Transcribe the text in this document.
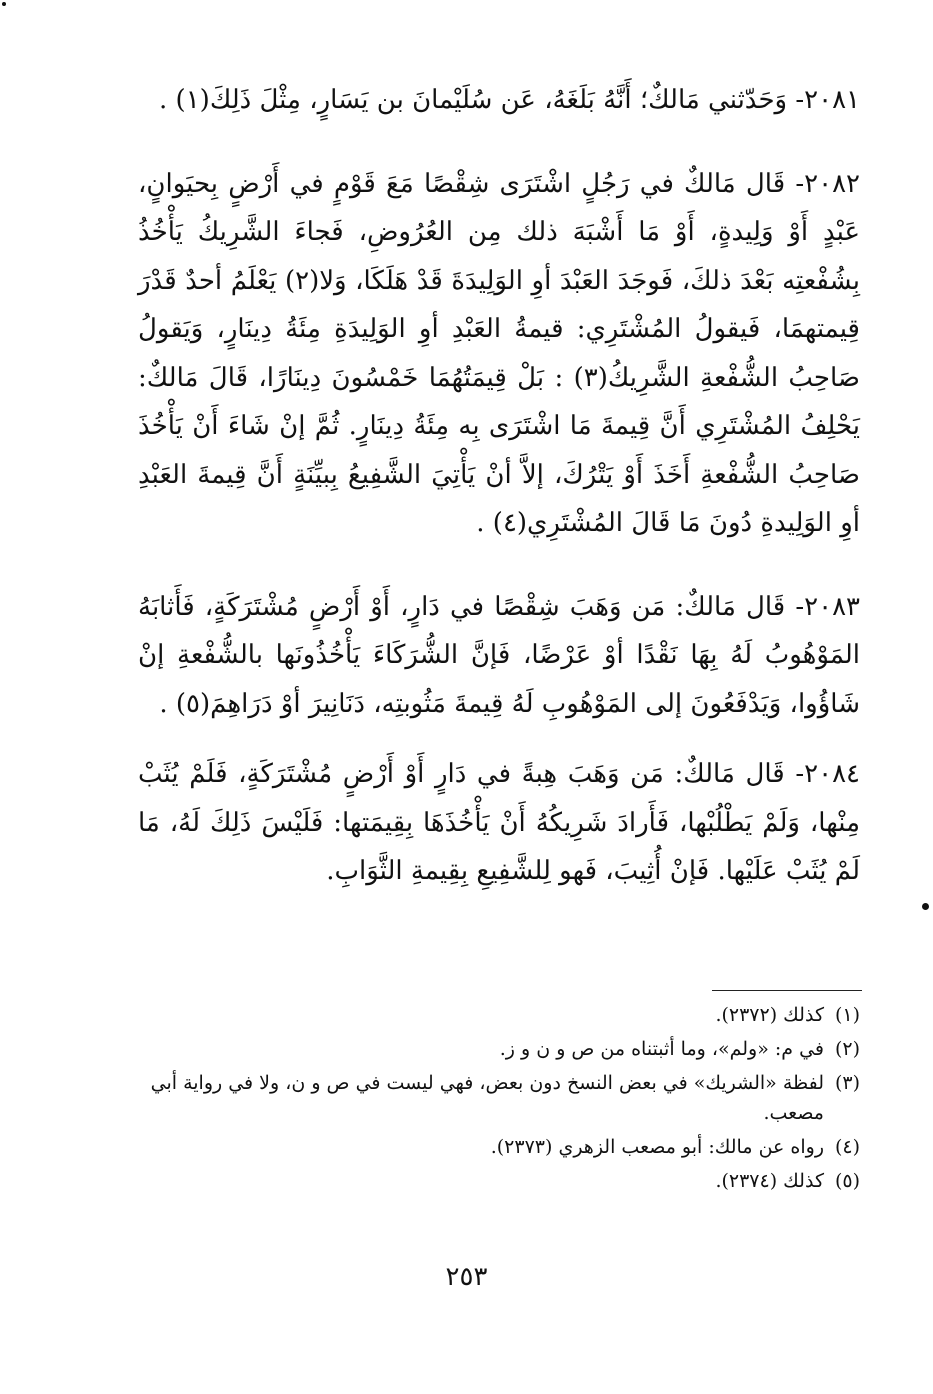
٢٠٨١- وَحَدّثني مَالكٌ؛ أَنَّهُ بَلَغَهُ، عَن سُلَيْمانَ بن يَسَارٍ، مِثْلَ ذَلِكَ(١) .

٢٠٨٢- قَال مَالكٌ في رَجُلٍ اشْتَرَى شِقْصًا مَعَ قَوْمٍ في أَرْضٍ بِحيَوانٍ، عَبْدٍ أَوْ وَلِيدةٍ، أَوْ مَا أَشْبَهَ ذلك مِن العُرُوضِ، فَجاءَ الشَّرِيكُ يَأْخُذُ بِشُفْعتِه بَعْدَ ذلكَ، فَوجَدَ العَبْدَ أوِ الوَلِيدَةَ قَدْ هَلَكَا، وَلا(٢) يَعْلَمُ أحدٌ قَدْرَ قِيمتهمَا، فَيقولُ المُشْتَرِي: قيمةُ العَبْدِ أوِ الوَلِيدَةِ مِئَةُ دِينَارٍ، وَيَقولُ صَاحِبُ الشُّفْعةِ الشَّرِيكُ(٣) : بَلْ قِيمَتُهُمَا خَمْسُونَ دِينَارًا، قَالَ مَالكٌ: يَحْلِفُ المُشْتَرِي أَنَّ قِيمةَ مَا اشْتَرَى بِه مِئَةُ دِينَارٍ. ثُمَّ إنْ شَاءَ أَنْ يَأْخُذَ صَاحِبُ الشُّفْعةِ أَخَذَ أَوْ يَتْرُكَ، إلاَّ أنْ يَأْتِيَ الشَّفِيعُ بِبيِّنَةٍ أَنَّ قِيمةَ العَبْدِ أوِ الوَلِيدةِ دُونَ مَا قَالَ المُشْتَرِي(٤) .

٢٠٨٣- قَال مَالكٌ: مَن وَهَبَ شِقْصًا في دَارٍ، أَوْ أَرْضٍ مُشْتَرَكَةٍ، فَأَثابَهُ المَوْهُوبُ لَهُ بِهَا نَقْدًا أوْ عَرْضًا، فَإنَّ الشُّرَكَاءَ يَأْخُذُونَها بالشُّفْعةِ إنْ شَاؤُوا، وَيَدْفَعُونَ إلى المَوْهُوبِ لَهُ قِيمةَ مَثُوبتِه، دَنَانِيرَ أوْ دَرَاهِمَ(٥) .

٢٠٨٤- قَال مَالكٌ: مَن وَهَبَ هِبةً في دَارٍ أَوْ أَرْضٍ مُشْتَرَكَةٍ، فَلَمْ يُثَبْ مِنْها، وَلَمْ يَطْلُبْها، فَأَرادَ شَرِيكُهُ أَنْ يَأْخُذَهَا بِقِيمَتها: فَلَيْسَ ذَلِكَ لَهُ، مَا لَمْ يُثَبْ عَلَيْها. فَإنْ أُثِيبَ، فَهو لِلشَّفِيعِ بِقِيمةِ الثَّوَابِ.

(١)
كذلك (٢٣٧٢).
(٢)
في م: «ولم»، وما أثبتناه من ص و ن و ز.
(٣)
لفظة «الشريك» في بعض النسخ دون بعض، فهي ليست في ص و ن، ولا في رواية أبي مصعب.
(٤)
رواه عن مالك: أبو مصعب الزهري (٢٣٧٣).
(٥)
كذلك (٢٣٧٤).
٢٥٣
